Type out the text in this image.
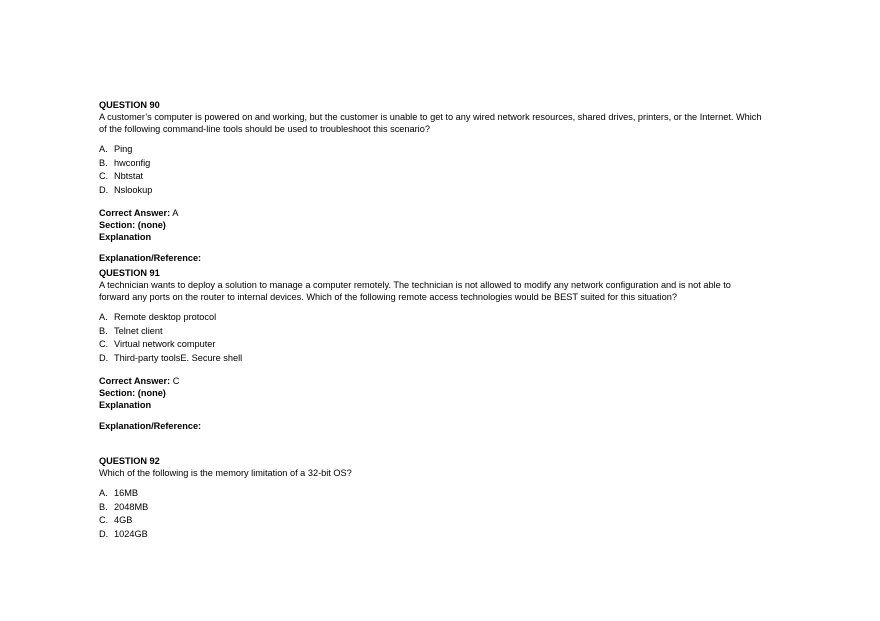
QUESTION 90
A customer’s computer is powered on and working, but the customer is unable to get to any wired network resources, shared drives, printers, or the Internet. Which
of the following command-line tools should be used to troubleshoot this scenario?
A. Ping
B. hwconfig
C. Nbtstat
D. Nslookup
Correct Answer: A
Section: (none)
Explanation
Explanation/Reference:
QUESTION 91
A technician wants to deploy a solution to manage a computer remotely. The technician is not allowed to modify any network configuration and is not able to
forward any ports on the router to internal devices. Which of the following remote access technologies would be BEST suited for this situation?
A. Remote desktop protocol
B. Telnet client
C. Virtual network computer
D. Third-party toolsE. Secure shell
Correct Answer: C
Section: (none)
Explanation
Explanation/Reference:
QUESTION 92
Which of the following is the memory limitation of a 32-bit OS?
A. 16MB
B. 2048MB
C. 4GB
D. 1024GB
